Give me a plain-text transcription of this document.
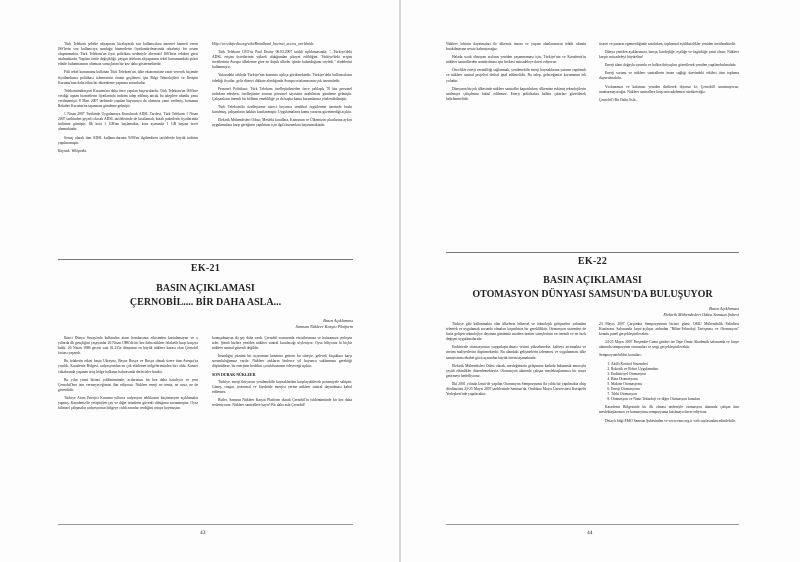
Türk Telekom şebeke altyapısını kiralayarak son kullanıcılara internet hizmeti veren ISS'lerin son kullanıcıya sunduğu hizmetlerin fiyatlandırılmasında rekabetçi bir ortam oluşmamakta, Türk Telekom'un fiyat politikası nedeniyle alternatif ISS'lerin rekabet gücü azalmaktadır. Yapılan tarife değişikliği, yaygın telekom altyapısının tekel konumundaki şirket elinde bulunmasının olumsuz sonuçlarını bir kez daha göstermektedir.

Fiili tekel konumunu kullanan Türk Telekom'un, ülke ekonomisine zarar verecek biçimde fiyatlandırma politikası izlemesinin önüne geçilmesi için Bilgi Teknolojileri ve İletişim Kurumu'nun daha etkin bir düzenleme yapması zorunludur.

Telekomünikasyon Kurumu'na daha önce yapılan başvurularda, Türk Telekom'un İSS'lere verdiği toptan hizmetlerin fiyatlarında indirim talep edilmiş ancak bu taleplere olumlu yanıt verilmemişti. 8 Mart 2007 tarihinde yapılan başvuruya da olumsuz yanıt verilmiş, konunun Rekabet Kurumu'na taşınması gündeme gelmişti.

1 Nisan 2007 Tarihinde Uygulamaya Konulacak ADSL Tarifesi; Türk Telekom 1 Nisan 2007 tarihinden geçerli olacak ADSL tarifelerinde de kısıtlamalı, kotalı paketlerin fiyatlarında indirime gitmiştir. İlk kota 1 GB'tan başlamakta, kota aşımında 1 GB başına ücret alınmaktadır.

Sonuç olarak tüm ADSL kullanıcılarının %90'ını ilgilendiren tarifelerde büyük indirim yapılmamıştır.

Kaynak: Wikipedia.

Http://en.wikipedia.org/wiki/Broadband_Internet_access_worldwide

Türk Telekom CEO'su Paul Doany 06.03.2007 tarihli açıklamasında; "...Türkiye'deki ADSL erişim ücretlerinin yüksek olduğundan şikayet edildiğini, Türkiye'deki erişim ücretlerinin Avrupa ülkelerine göre en düşük ülkeler içinde bulunduğunu söyledi." ifadelerini kullanmıştır.

Yukarıdaki tabloda Türkiye'nin konumu açıkça görülmektedir. Türkiye'deki kullanıcıların ödediği fiyatlar, gelir düzeyi dikkate alındığında Avrupa ortalamasının çok üzerindedir.

Personel Politikası; Türk Telekom özelleştirilmeden önce yaklaşık 70 bin personel istihdam ederken, özelleştirme sonrası personel sayısının azaltılması gündeme gelmiştir. Çalışanların önemli bir bölümü emekliliğe ya da başka kamu kurumlarına yönlendirilmiştir.

Türk Telekom'da özelleştirme süreci boyunca sendikal örgütlenme üzerinde baskı kurulmuş, çalışanların hakları kısıtlanmıştır. Uygulamaların kamu yararını gözetmediği açıktır.

Elektrik Mühendisleri Odası; Mesleki kurallara, Kamunun ve Ülkemizin çıkarlarına aykırı uygulamalara karşı gereğinin yapılması için ilgili kurumlara başvurmaktadır.

EK-21
BASIN AÇIKLAMASI
ÇERNOBİL.... BİR DAHA ASLA...
Basın Açıklaması
Samsun Nükleer Karşıtı Platform

İkinci Dünya Savaşı'nda kullanılan atom bombasının etkisinden kurtulamayan ve o yıllarda ilk gençliğini yaşayanlar 26 Nisan 1986'da bir kez daha nükleer felaketle karşı karşıya kaldı. 26 Nisan 1986 gecesi saat 01.23'te dünyanın en büyük nükleer kazası olan Çernobil faciası yaşandı.

Bu felaketin etkisi başta Ukrayna, Beyaz Rusya ve Rusya olmak üzere tüm Avrupa'ya yayıldı. Karadeniz Bölgesi, radyasyondan en çok etkilenen bölgelerimizden biri oldu. Kanser vakalarında yaşanan artış bölge halkının hafızasında derin izler bıraktı.

Bu yılın yirmi birinci yıldönümünde, acılarımızı bir kez daha hatırlıyor ve yeni Çernobil'lere izin vermeyeceğimizi ilan ediyoruz. Nükleer enerji ne temiz, ne ucuz, ne de güvenlidir.

Türkiye Atom Enerjisi Kurumu yıllarca radyasyon tehlikesini küçümseyen açıklamalar yapmış, Karadeniz'de yetiştirilen çay ve diğer ürünlerin güvenli olduğunu savunmuştur. Oysa bilimsel çalışmalar radyasyonun bölgeye ciddi zararlar verdiğini ortaya koymuştur.

konuşulmayan iki şey daha vardı. Çernobil sonrasında vücutlarımıza ve hafızamıza yerleşen izler. Şimdi bizlere yeniden nükleer santral kurulacağı söyleniyor. Oysa biliyoruz ki hiçbir nükleer santral güvenli değildir.

İnsanlığın yüzünü bir uçurumun kenarına getiren bu süreçte, gelecek kuşaklara karşı sorumluluğumuz vardır. Nükleer atıkların binlerce yıl boyunca saklanması gerektiği düşünülürse, bu enerjinin bedelini çocuklarımızın ödeyeceği açıktır.

SON DURAK NÜKLEER

Türkiye, enerji ihtiyacını yenilenebilir kaynaklardan karşılayabilecek potansiyele sahiptir. Güneş, rüzgar, jeotermal ve biyokütle enerjisi yerine nükleer santral dayatılması kabul edilemez.

Bizler, Samsun Nükleer Karşıtı Platform olarak Çernobil'in yıldönümünde bir kez daha sesleniyoruz: Nükleer santrallere hayır! Bir daha asla Çernobil!

43

Nükleer lobinin dayatmaları ile ülkemiz insanı ve yaşam alanlarımızın tehdit altında bırakılmasına sessiz kalmayacağız.

Halada sıcak olmayan acıların yeniden yaşanmaması için, Türkiye'nin ve Karadeniz'in nükleer santrallerden arındırılması için herkesi mücadeleye davet ediyoruz.

Öncelikle enerji verimliliği sağlanmalı, yenilenebilir enerji kaynaklarına yatırım yapılmalı ve nükleer santral projeleri derhal iptal edilmelidir. Bu talep, geleceğimizi korumanın tek yoludur.

Dünyanın birçok ülkesinde nükleer santraller kapatılırken, ülkemize eskimiş teknolojilerin satılmaya çalışılması kabul edilemez. Enerji politikaları halkın çıkarları gözetilerek belirlenmelidir.

ticaret ve pazarın egemenliğinde sanılırken, toplumsal eşitliksizlikler yeniden üretilmektedir.

Dünya yeniden aşıklarımıza, barışa, kardeşliğe, eşitliğe ve özgürlüğe yanıt olsun; Nükleer karşıtı mücadeleyi büyütelim!

Enerji alanı doğayla uyumlu ve halkın ihtiyaçları gözetilerek yeniden yapılandırılmalıdır.

Enerji sorunu ve nükleer santrallerin insan sağlığı üzerindeki etkileri tüm topluma duyurulmalıdır.

Vicdanımızı ve kafamızı yeniden dirilterek diyoruz ki; Çernobil'i unutmuyoruz, unutturmayacağız. Nükleer santrallere karşı mücadelemizi sürdüreceğiz.

Çernobil'i Bir Daha Asla...

EK-22
BASIN AÇIKLAMASI
OTOMASYON DÜNYASI SAMSUN'DA BULUŞUYOR
Basın Açıklaması
Elektrik Mühendisleri Odası Samsun Şubesi

Türkiye gibi kalkınmakta olan ülkelerin bilimsel ve teknolojik gelişmeleri yakından izlemek ve uygulamak zorunda olmaları kaçınılmaz bir gerekliliktir. Otomasyon sistemleri de hızla gelişen teknolojiye dayanan günümüz modern üretim süreçlerinin en önemli ve en hızlı değişen uygulamalarıdır.

Endüstride otomasyonun yaygınlaştırılması verimi yükseltmekte, kaliteyi artırmakta ve üretim maliyetlerini düşürmektedir. Bu alandaki gelişmelerin izlenmesi ve uygulanması ülke sanayisinin rekabet gücü açısından büyük önem taşımaktadır.

Elektrik Mühendisleri Odası olarak, mesleğimizin gelişimine katkıda bulunmak amacıyla çeşitli etkinlikler düzenlemekteyiz. Otomasyon alanında çalışan meslektaşlarımızı bir araya getirmeyi hedefliyoruz.

İlki 2001 yılında İzmir'de yapılan Otomasyon Sempozyumu iki yılda bir yapılmakta olup dördüncüsü 23-25 Mayıs 2007 tarihlerinde Samsun'da, Ondokuz Mayıs Üniversitesi Kurupelit Yerleşkesi'nde yapılacaktır.

23 Mayıs 2007 Çarşamba Sempozyumun birinci günü; OMÜ Mühendislik Fakültesi Konferans Salonunda kayıt-açılışın ardından "Bilim-Teknoloji Tartışması ve Otomasyon" konulu panel gerçekleştirilecektir.

24-25 Mayıs 2007 Perşembe-Cuma günleri ise Tepe Ömür Akademik salonunda ve fuaye alanında sempozyum oturumları ve sergi gerçekleştirilecektir.

Sempozyum bildiri konuları:

1. Akıllı Kontrol Sistemleri
2. Robotik ve Robot Uygulamaları
3. Endüstriyel Otomasyon
4. Bina Otomasyonu
5. Makine Otomasyonu
6. Enerji Otomasyonu
7. Tıbbi Otomasyon
8. Otomasyon ve Nano Teknoloji ve diğer Otomasyon konuları

Karadeniz Bölgesinde bir ilk olması nedeniyle otomasyon alanında çalışan tüm meslektaşlarımızı ve kamuoyunu sempozyuma katılmaya davet ediyoruz.

Detaylı bilgi EMO Samsun Şubesinden ve www.emo.org.tr web sayfasından edinilebilir.

44
